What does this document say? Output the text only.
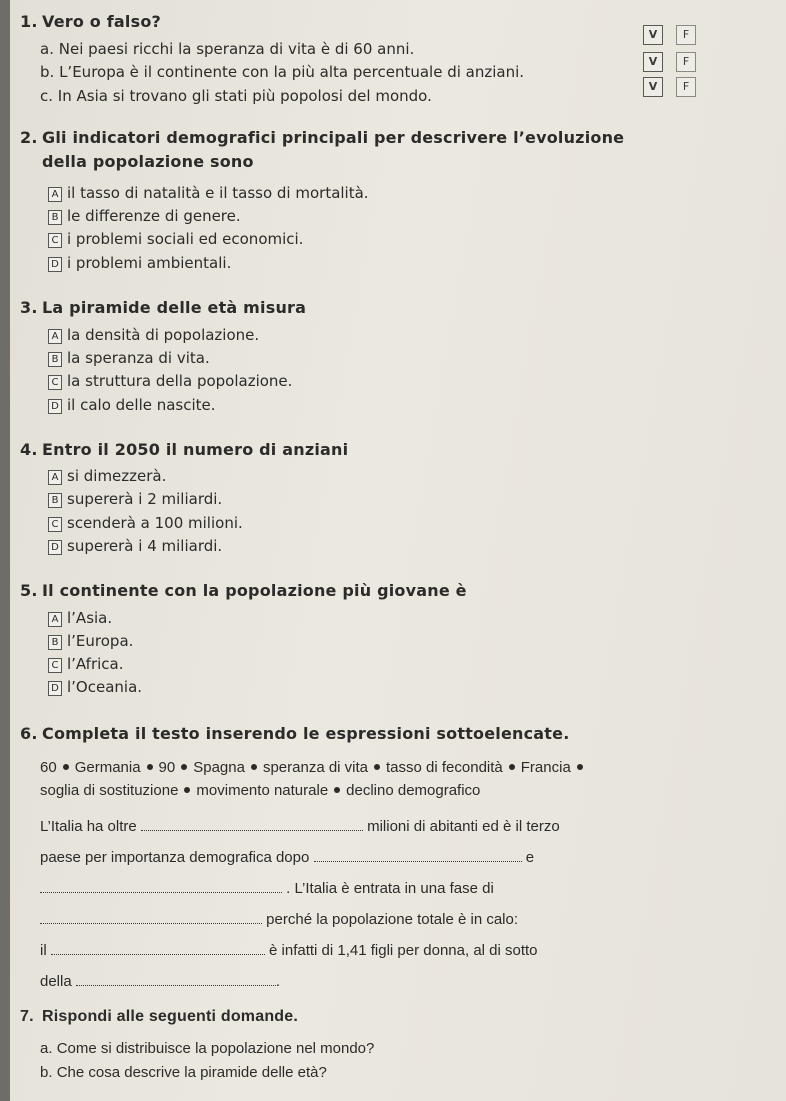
1. Vero o falso?
a. Nei paesi ricchi la speranza di vita è di 60 anni.
b. L’Europa è il continente con la più alta percentuale di anziani.
c. In Asia si trovano gli stati più popolosi del mondo.
V	F
V	F
V	F
2. Gli indicatori demografici principali per descrivere l’evoluzione
della popolazione sono
A il tasso di natalità e il tasso di mortalità.
B le differenze di genere.
C i problemi sociali ed economici.
D i problemi ambientali.
3. La piramide delle età misura
A la densità di popolazione.
B la speranza di vita.
C la struttura della popolazione.
D il calo delle nascite.
4. Entro il 2050 il numero di anziani
A si dimezzerà.
B supererà i 2 miliardi.
C scenderà a 100 milioni.
D supererà i 4 miliardi.
5. Il continente con la popolazione più giovane è
A l’Asia.
B l’Europa.
C l’Africa.
D l’Oceania.
6. Completa il testo inserendo le espressioni sottoelencate.
60 Germania 90 Spagna speranza di vita tasso di fecondità Francia
soglia di sostituzione movimento naturale declino demografico
L’Italia ha oltre	milioni di abitanti ed è il terzo
paese per importanza demografica dopo	e
. L’Italia è entrata in una fase di
perché la popolazione totale è in calo:
il	è infatti di 1,41 figli per donna, al di sotto
della	.
7. Rispondi alle seguenti domande.
a. Come si distribuisce la popolazione nel mondo?
b. Che cosa descrive la piramide delle età?
